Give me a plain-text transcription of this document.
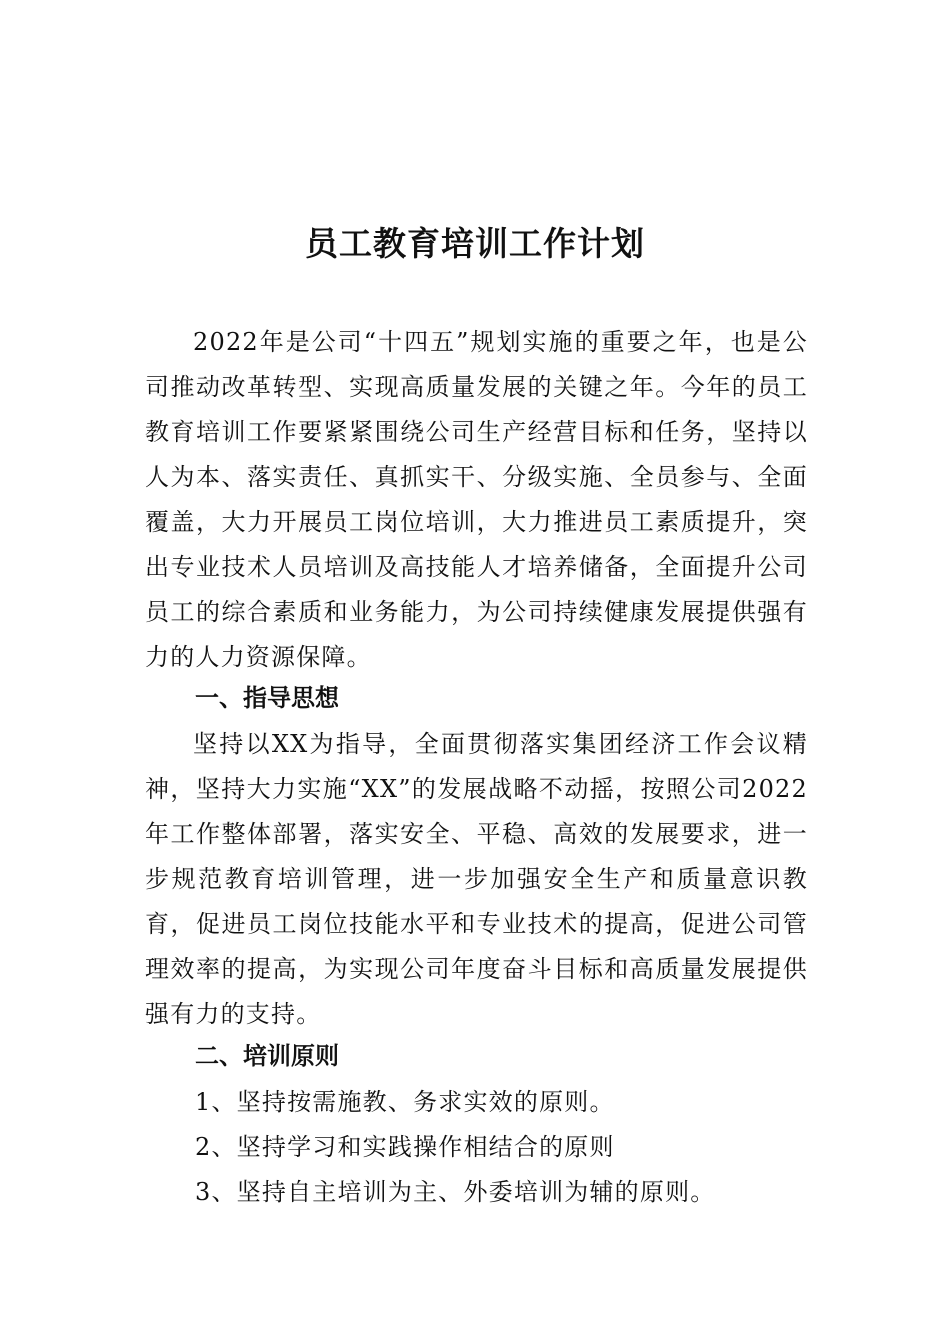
员工教育培训工作计划

2022年是公司“十四五”规划实施的重要之年，也是公司推动改革转型、实现高质量发展的关键之年。今年的员工教育培训工作要紧紧围绕公司生产经营目标和任务，坚持以人为本、落实责任、真抓实干、分级实施、全员参与、全面覆盖，大力开展员工岗位培训，大力推进员工素质提升，突出专业技术人员培训及高技能人才培养储备，全面提升公司员工的综合素质和业务能力，为公司持续健康发展提供强有力的人力资源保障。

一、指导思想

坚持以XX为指导，全面贯彻落实集团经济工作会议精神，坚持大力实施“XX”的发展战略不动摇，按照公司2022年工作整体部署，落实安全、平稳、高效的发展要求，进一步规范教育培训管理，进一步加强安全生产和质量意识教育，促进员工岗位技能水平和专业技术的提高，促进公司管理效率的提高，为实现公司年度奋斗目标和高质量发展提供强有力的支持。

二、培训原则

1、坚持按需施教、务求实效的原则。

2、坚持学习和实践操作相结合的原则

3、坚持自主培训为主、外委培训为辅的原则。
